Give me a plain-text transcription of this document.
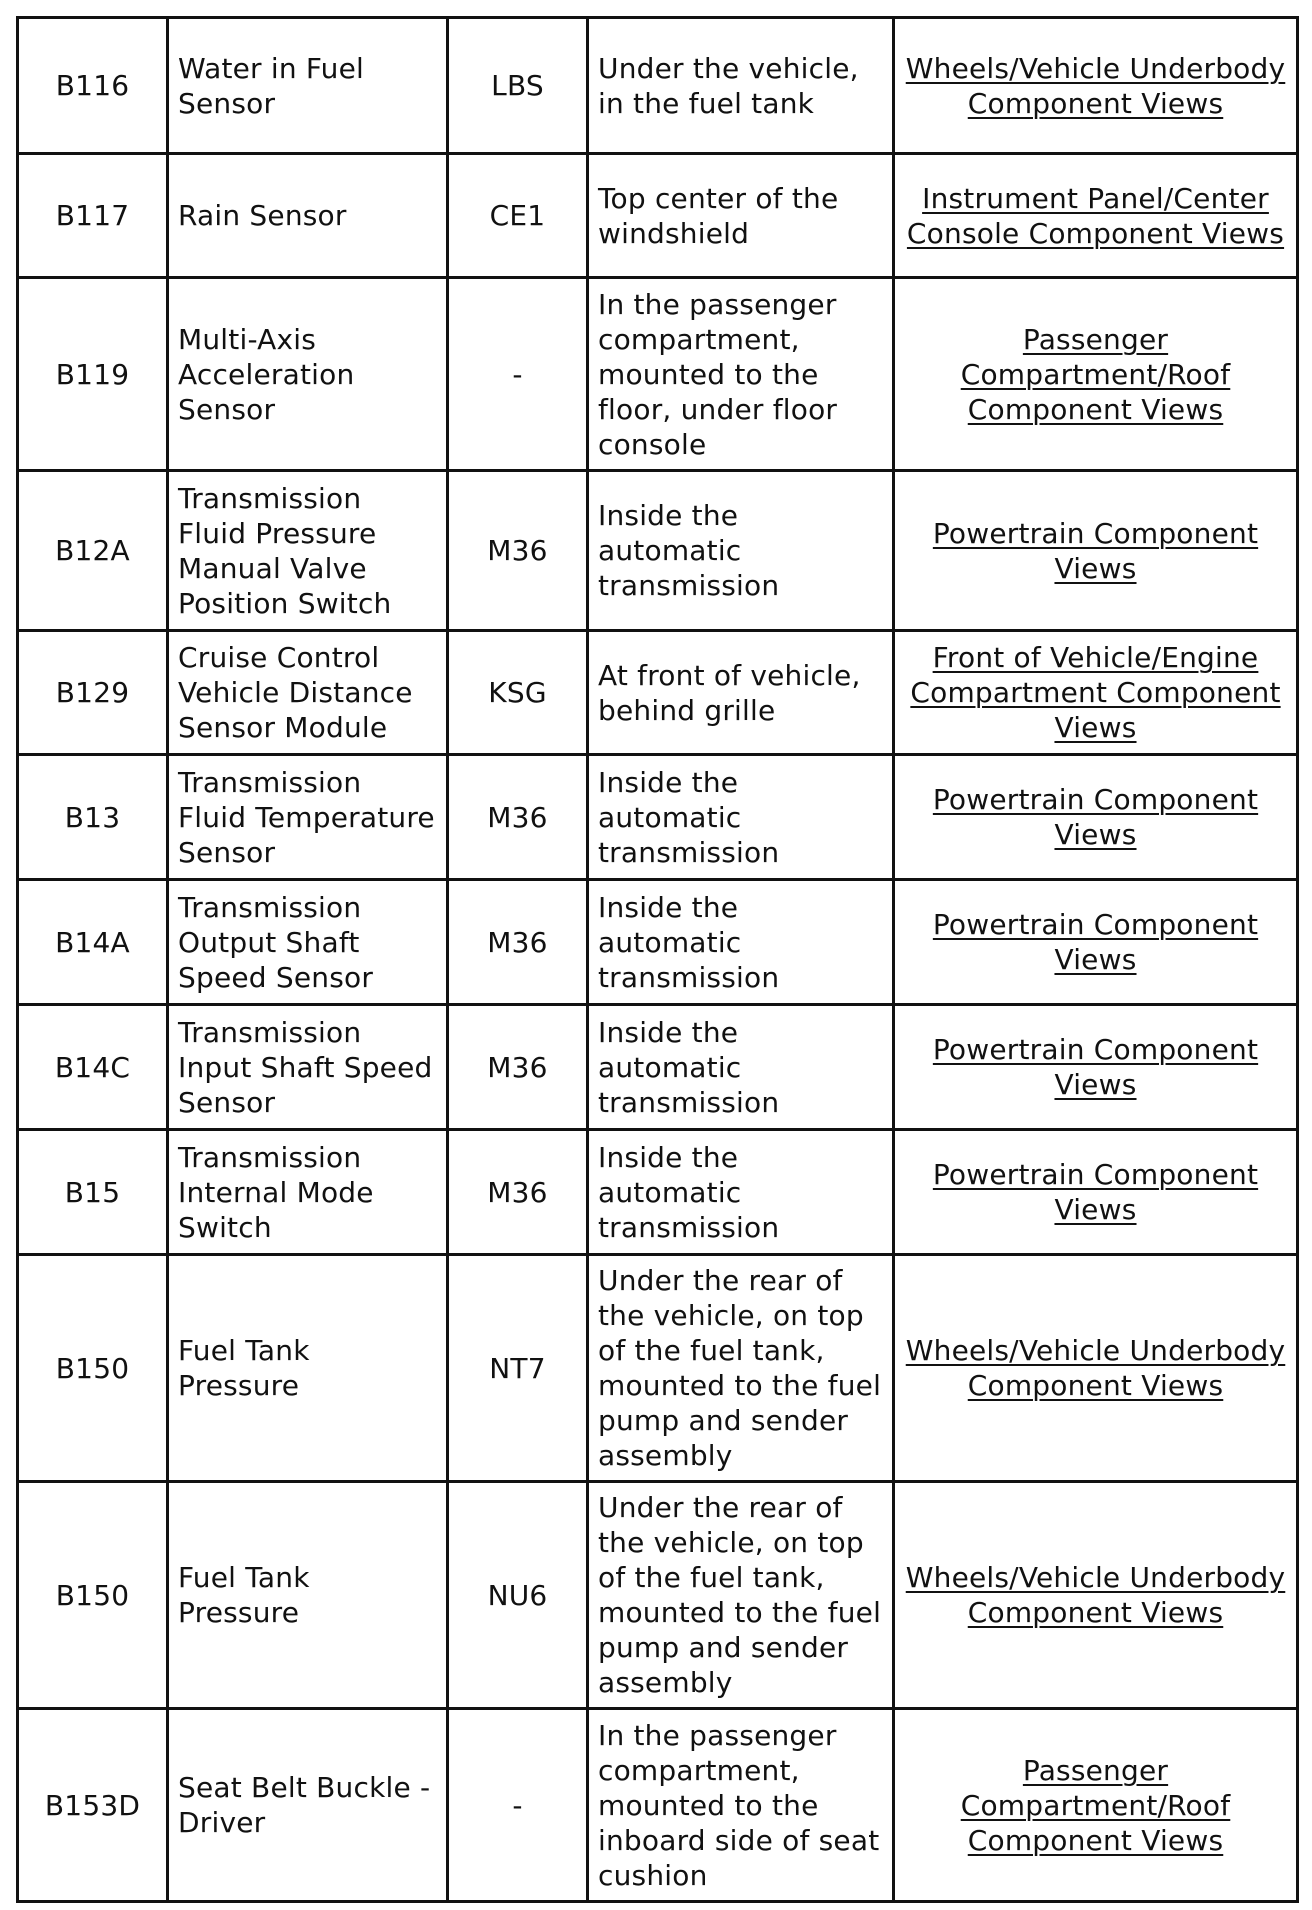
B116	Water in Fuel Sensor	LBS	Under the vehicle, in the fuel tank	Wheels/Vehicle Underbody Component Views
B117	Rain Sensor	CE1	Top center of the windshield	Instrument Panel/Center Console Component Views
B119	Multi-Axis Acceleration Sensor	-	In the passenger compartment, mounted to the floor, under floor console	Passenger Compartment/Roof Component Views
B12A	Transmission Fluid Pressure Manual Valve Position Switch	M36	Inside the automatic transmission	Powertrain Component Views
B129	Cruise Control Vehicle Distance Sensor Module	KSG	At front of vehicle, behind grille	Front of Vehicle/Engine Compartment Component Views
B13	Transmission Fluid Temperature Sensor	M36	Inside the automatic transmission	Powertrain Component Views
B14A	Transmission Output Shaft Speed Sensor	M36	Inside the automatic transmission	Powertrain Component Views
B14C	Transmission Input Shaft Speed Sensor	M36	Inside the automatic transmission	Powertrain Component Views
B15	Transmission Internal Mode Switch	M36	Inside the automatic transmission	Powertrain Component Views
B150	Fuel Tank Pressure	NT7	Under the rear of the vehicle, on top of the fuel tank, mounted to the fuel pump and sender assembly	Wheels/Vehicle Underbody Component Views
B150	Fuel Tank Pressure	NU6	Under the rear of the vehicle, on top of the fuel tank, mounted to the fuel pump and sender assembly	Wheels/Vehicle Underbody Component Views
B153D	Seat Belt Buckle - Driver	-	In the passenger compartment, mounted to the inboard side of seat cushion	Passenger Compartment/Roof Component Views
